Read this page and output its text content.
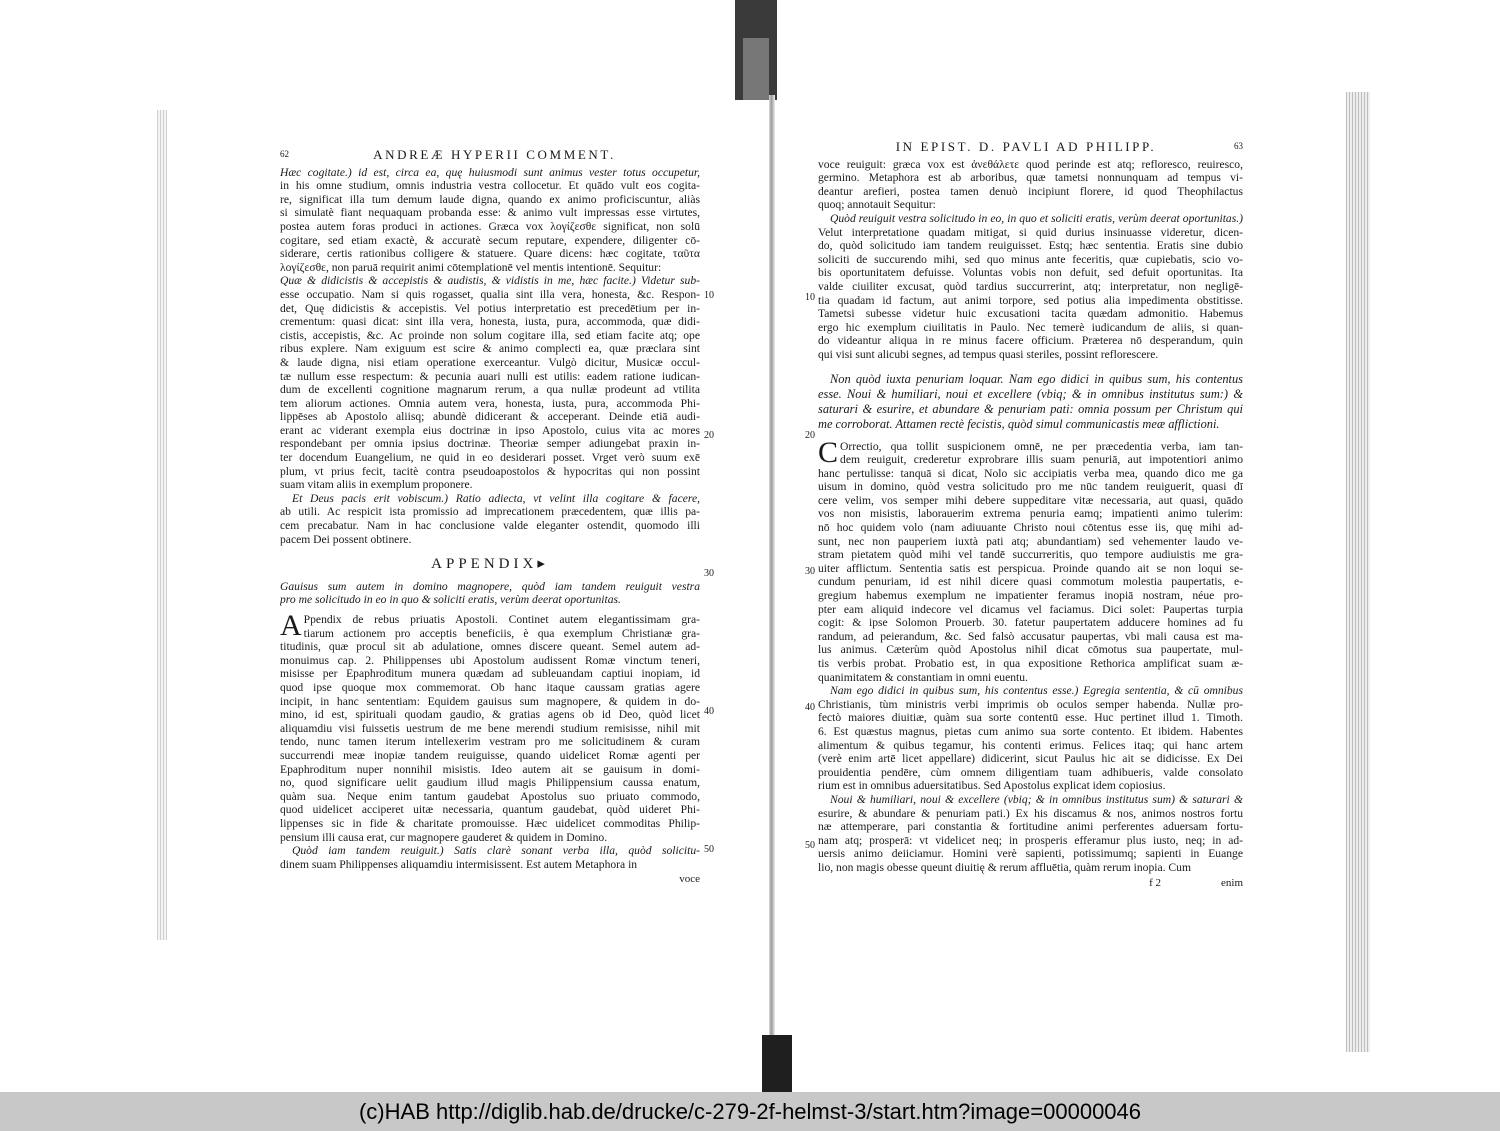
62	ANDREÆ HYPERII COMMENT.
Hæc cogitate.) id est, circa ea, quę huiusmodi sunt animus vester totus occupetur,
in his omne studium, omnis industria vestra collocetur. Et quādo vult eos cogita-
re, significat illa tum demum laude digna, quando ex animo proficiscuntur, aliàs
si simulatè fiant nequaquam probanda esse: & animo vult impressas esse virtutes,
postea autem foras produci in actiones. Græca vox λογίζεσθε significat, non solū
cogitare, sed etiam exactè, & accuratè secum reputare, expendere, diligenter cō-
siderare, certis rationibus colligere & statuere. Quare dicens: hæc cogitate, ταῦτα
λογίζεσθε, non paruā requirit animi cōtemplationē vel mentis intentionē. Sequitur:
Quæ & didicistis & accepistis & audistis, & vidistis in me, hæc facite.) Videtur sub-
esse occupatio. Nam si quis rogasset, qualia sint illa vera, honesta, &c. Respon-
det, Quę didicistis & accepistis. Vel potius interpretatio est precedētium per in-
crementum: quasi dicat: sint illa vera, honesta, iusta, pura, accommoda, quæ didi-
cistis, accepistis, &c. Ac proinde non solum cogitare illa, sed etiam facite atq; ope
ribus explere. Nam exiguum est scire & animo complecti ea, quæ præclara sint
& laude digna, nisi etiam operatione exerceantur. Vulgò dicitur, Musicæ occul-
tæ nullum esse respectum: & pecunia auari nulli est utilis: eadem ratione iudican-
dum de excellenti cognitione magnarum rerum, a qua nullæ prodeunt ad vtilita
tem aliorum actiones. Omnia autem vera, honesta, iusta, pura, accommoda Phi-
lippēses ab Apostolo aliisq; abundè didicerant & acceperant. Deinde etiā audi-
erant ac viderant exempla eius doctrinæ in ipso Apostolo, cuius vita ac mores
respondebant per omnia ipsius doctrinæ. Theoriæ semper adiungebat praxin in-
ter docendum Euangelium, ne quid in eo desiderari posset. Vrget verò suum exē
plum, vt prius fecit, tacitè contra pseudoapostolos & hypocritas qui non possint
suam vitam aliis in exemplum proponere.
Et Deus pacis erit vobiscum.) Ratio adiecta, vt velint illa cogitare & facere,
ab utili. Ac respicit ista promissio ad imprecationem præcedentem, quæ illis pa-
cem precabatur. Nam in hac conclusione valde eleganter ostendit, quomodo illi
pacem Dei possent obtinere.
APPENDIX▸
Gauisus sum autem in domino magnopere, quòd iam tandem reuiguit vestra
pro me solicitudo in eo in quo & soliciti eratis, verùm deerat oportunitas.
A Ppendix de rebus priuatis Apostoli. Continet autem elegantissimam gra-
tiarum actionem pro acceptis beneficiis, è qua exemplum Christianæ gra-
titudinis, quæ procul sit ab adulatione, omnes discere queant. Semel autem ad-
monuimus cap. 2. Philippenses ubi Apostolum audissent Romæ vinctum teneri,
misisse per Epaphroditum munera quædam ad subleuandam captiui inopiam, id
quod ipse quoque mox commemorat. Ob hanc itaque caussam gratias agere
incipit, in hanc sententiam: Equidem gauisus sum magnopere, & quidem in do-
mino, id est, spirituali quodam gaudio, & gratias agens ob id Deo, quòd licet
aliquamdiu visi fuissetis uestrum de me bene merendi studium remisisse, nihil mit
tendo, nunc tamen iterum intellexerim vestram pro me solicitudinem & curam
succurrendi meæ inopiæ tandem reuiguisse, quando uidelicet Romæ agenti per
Epaphroditum nuper nonnihil misistis. Ideo autem ait se gauisum in domi-
no, quod significare uelit gaudium illud magis Philippensium caussa enatum,
quàm sua. Neque enim tantum gaudebat Apostolus suo priuato commodo,
quod uidelicet acciperet uitæ necessaria, quantum gaudebat, quòd uideret Phi-
lippenses sic in fide & charitate promouisse. Hæc uidelicet commoditas Philip-
pensium illi causa erat, cur magnopere gauderet & quidem in Domino.
Quòd iam tandem reuiguit.) Satis clarè sonant verba illa, quòd solicitu-
dinem suam Philippenses aliquamdiu intermisissent. Est autem Metaphora in
voce
10
20
30
40
50
IN EPIST. D. PAVLI AD PHILIPP.	63
voce reuiguit: græca vox est ἀνεθάλετε quod perinde est atq; refloresco, reuiresco,
germino. Metaphora est ab arboribus, quæ tametsi nonnunquam ad tempus vi-
deantur arefieri, postea tamen denuò incipiunt florere, id quod Theophilactus
quoq; annotauit Sequitur:
Quòd reuiguit vestra solicitudo in eo, in quo et soliciti eratis, verùm deerat oportunitas.)
Velut interpretatione quadam mitigat, si quid durius insinuasse videretur, dicen-
do, quòd solicitudo iam tandem reuiguisset. Estq; hæc sententia. Eratis sine dubio
soliciti de succurendo mihi, sed quo minus ante feceritis, quæ cupiebatis, scio vo-
bis oportunitatem defuisse. Voluntas vobis non defuit, sed defuit oportunitas. Ita
valde ciuiliter excusat, quòd tardius succurrerint, atq; interpretatur, non negligē-
tia quadam id factum, aut animi torpore, sed potius alia impedimenta obstitisse.
Tametsi subesse videtur huic excusationi tacita quædam admonitio. Habemus
ergo hic exemplum ciuilitatis in Paulo. Nec temerè iudicandum de aliis, si quan-
do videantur aliqua in re minus facere officium. Præterea nō desperandum, quin
qui visi sunt alicubi segnes, ad tempus quasi steriles, possint reflorescere.
Non quòd iuxta penuriam loquar. Nam ego didici in quibus sum, his contentus
esse. Noui & humiliari, noui et excellere (vbiq; & in omnibus institutus sum:) &
saturari & esurire, et abundare & penuriam pati: omnia possum per Christum qui
me corroborat. Attamen rectè fecistis, quòd simul communicastis meæ afflictioni.
C Orrectio, qua tollit suspicionem omnē, ne per præcedentia verba, iam tan-
dem reuiguit, crederetur exprobrare illis suam penuriā, aut impotentiori animo
hanc pertulisse: tanquā si dicat, Nolo sic accipiatis verba mea, quando dico me ga
uisum in domino, quòd vestra solicitudo pro me nūc tandem reuiguerit, quasi dī
cere velim, vos semper mihi debere suppeditare vitæ necessaria, aut quasi, quādo
vos non misistis, laborauerim extrema penuria eamq; impatienti animo tulerim:
nō hoc quidem volo (nam adiuuante Christo noui cōtentus esse iis, quę mihi ad-
sunt, nec non pauperiem iuxtà pati atq; abundantiam) sed vehementer laudo ve-
stram pietatem quòd mihi vel tandē succurreritis, quo tempore audiuistis me gra-
uiter afflictum. Sententia satis est perspicua. Proinde quando ait se non loqui se-
cundum penuriam, id est nihil dicere quasi commotum molestia paupertatis, e-
gregium habemus exemplum ne impatienter feramus inopiā nostram, néue pro-
pter eam aliquid indecore vel dicamus vel faciamus. Dici solet: Paupertas turpia
cogit: & ipse Solomon Prouerb. 30. fatetur paupertatem adducere homines ad fu
randum, ad peierandum, &c. Sed falsò accusatur paupertas, vbi mali causa est ma-
lus animus. Cæterùm quòd Apostolus nihil dicat cōmotus sua paupertate, mul-
tis verbis probat. Probatio est, in qua expositione Rethorica amplificat suam æ-
quanimitatem & constantiam in omni euentu.
Nam ego didici in quibus sum, his contentus esse.) Egregia sententia, & cū omnibus
Christianis, tùm ministris verbi imprimis ob oculos semper habenda. Nullæ pro-
fectò maiores diuitiæ, quàm sua sorte contentū esse. Huc pertinet illud 1. Timoth.
6. Est quæstus magnus, pietas cum animo sua sorte contento. Et ibidem. Habentes
alimentum & quibus tegamur, his contenti erimus. Felices itaq; qui hanc artem
(verè enim artē licet appellare) didicerint, sicut Paulus hic ait se didicisse. Ex Dei
prouidentia pendēre, cùm omnem diligentiam tuam adhibueris, valde consolato
rium est in omnibus aduersitatibus. Sed Apostolus explicat idem copiosius.
Noui & humiliari, noui & excellere (vbiq; & in omnibus institutus sum) & saturari &
esurire, & abundare & penuriam pati.) Ex his discamus & nos, animos nostros fortu
næ attemperare, pari constantia & fortitudine animi perferentes aduersam fortu-
nam atq; prosperā: vt videlicet neq; in prosperis efferamur plus iusto, neq; in ad-
uersis animo deiiciamur. Homini verè sapienti, potissimumq; sapienti in Euange
lio, non magis obesse queunt diuitię & rerum affluētia, quàm rerum inopia. Cum
f 2	enim
10
20
30
40
50
(c)HAB http://diglib.hab.de/drucke/c-279-2f-helmst-3/start.htm?image=00000046
